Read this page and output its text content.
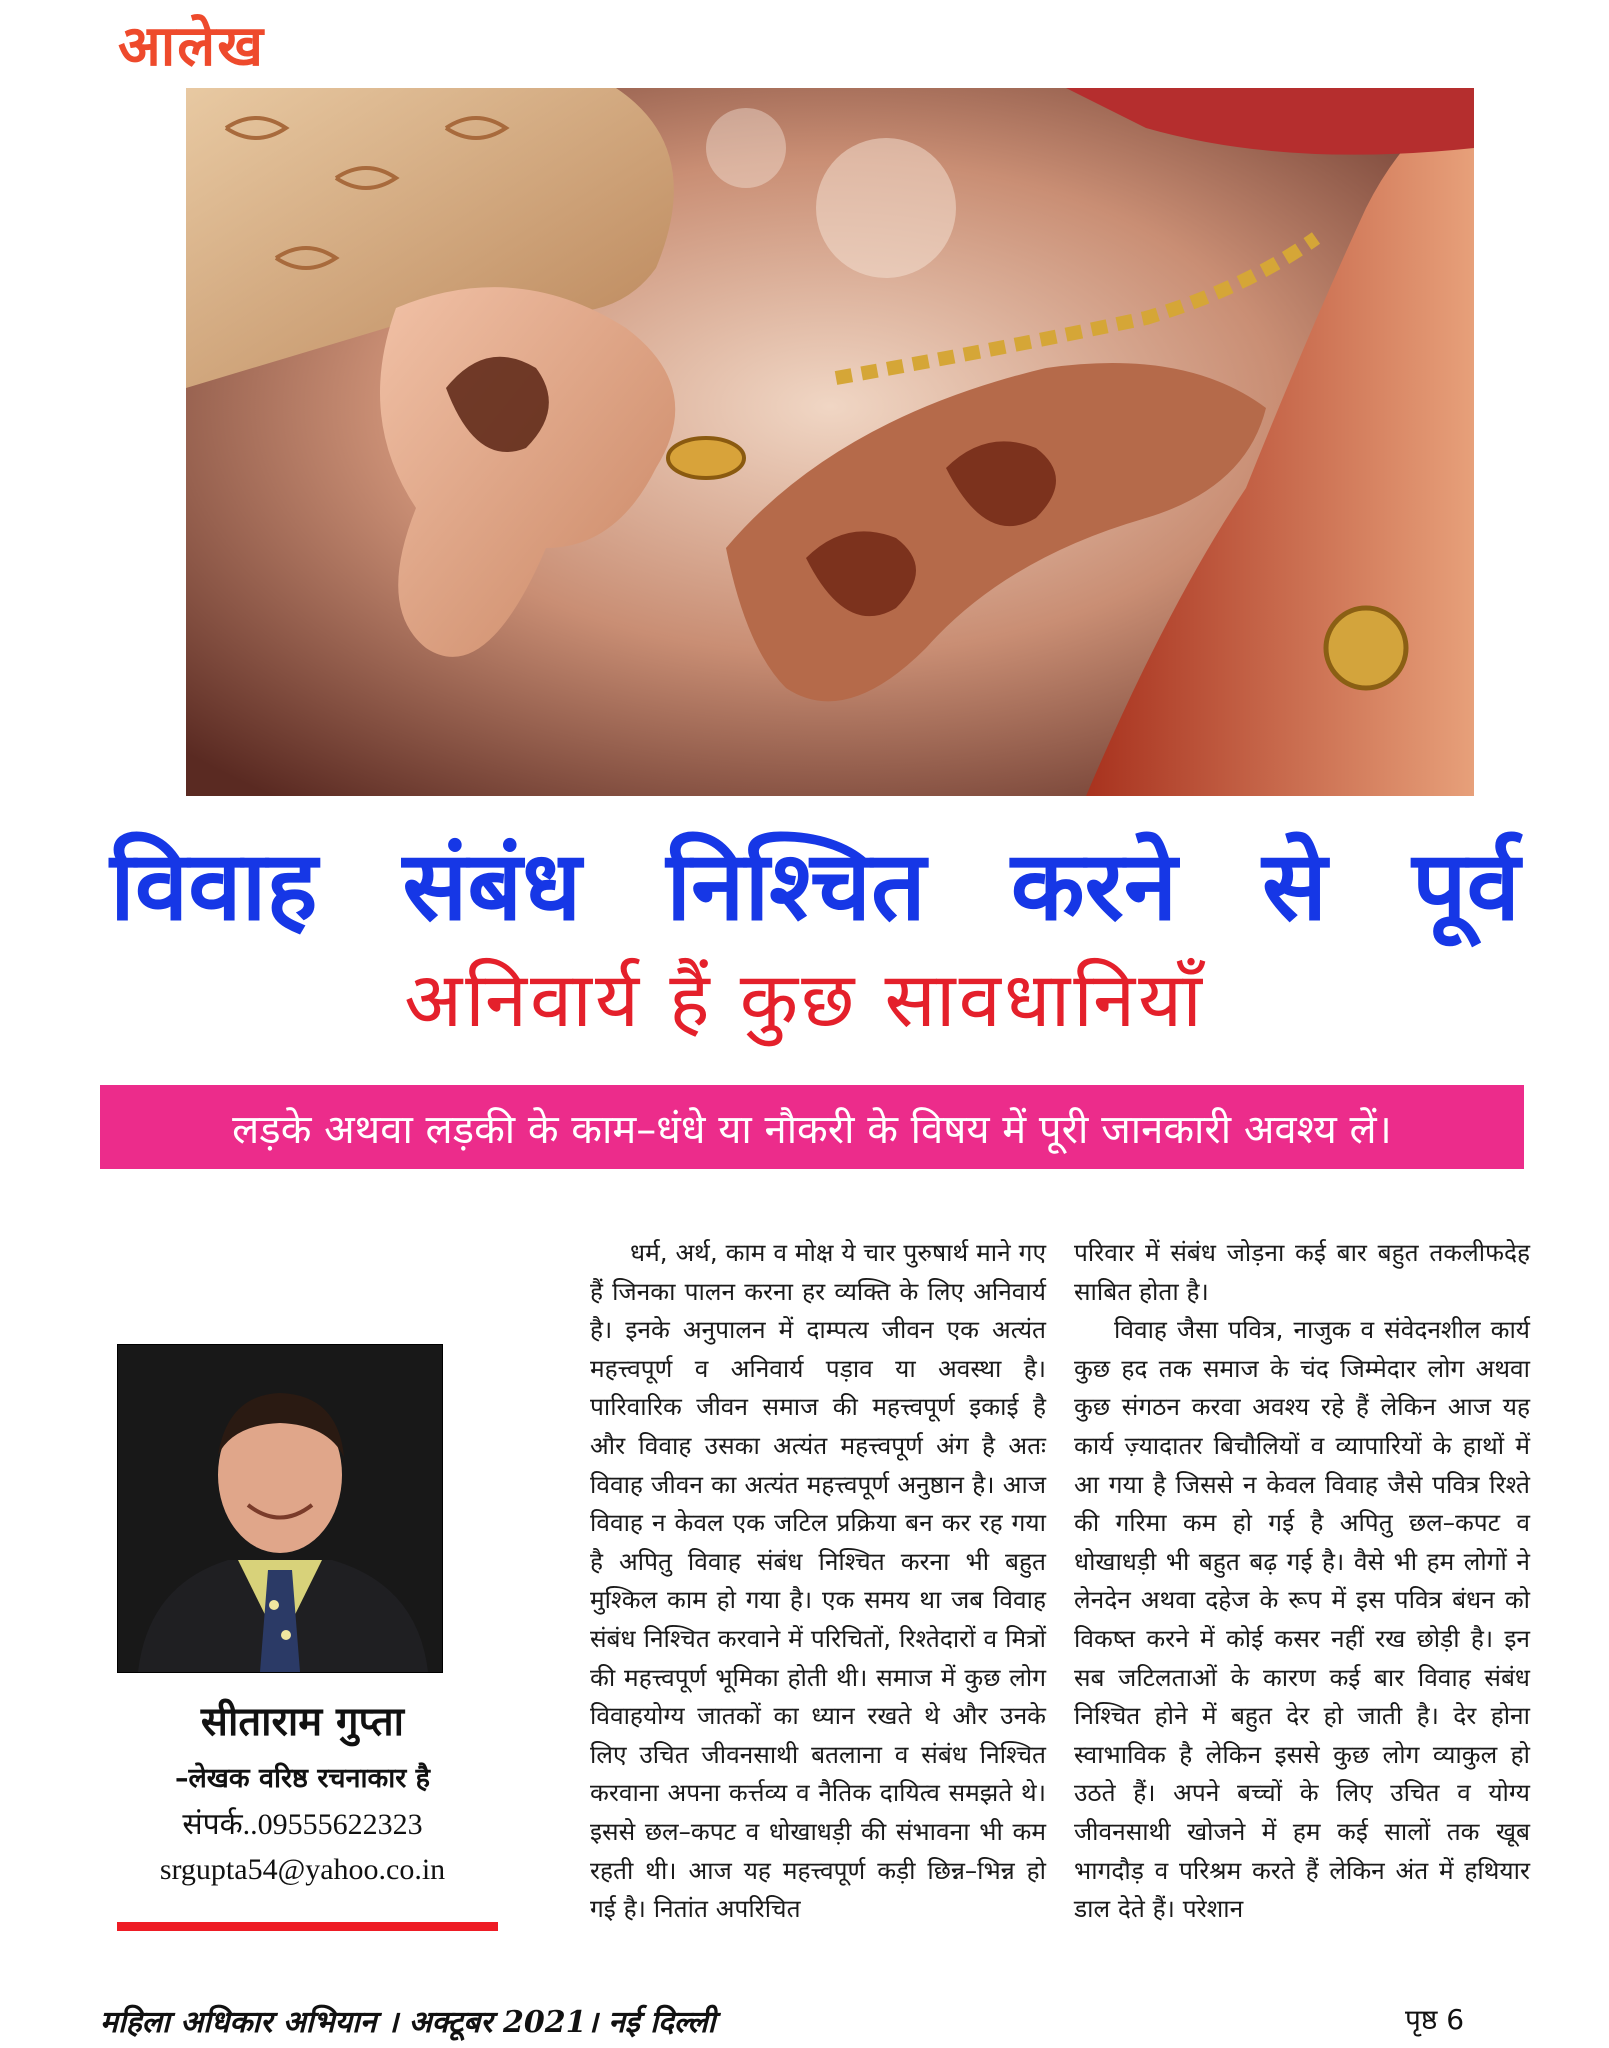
आलेख
विवाह संबंध निश्चित करने से पूर्व
अनिवार्य हैं कुछ सावधानियाँ
लड़के अथवा लड़की के काम–धंधे या नौकरी के विषय में पूरी जानकारी अवश्य लें।
सीताराम गुप्ता
–लेखक वरिष्ठ रचनाकार है
संपर्क..09555622323
srgupta54@yahoo.co.in

धर्म, अर्थ, काम व मोक्ष ये चार पुरुषार्थ माने गए हैं जिनका पालन करना हर व्यक्ति के लिए अनिवार्य है। इनके अनुपालन में दाम्पत्य जीवन एक अत्यंत महत्त्वपूर्ण व अनिवार्य पड़ाव या अवस्था है। पारिवारिक जीवन समाज की महत्त्वपूर्ण इकाई है और विवाह उसका अत्यंत महत्त्वपूर्ण अंग है अतः विवाह जीवन का अत्यंत महत्त्वपूर्ण अनुष्ठान है। आज विवाह न केवल एक जटिल प्रक्रिया बन कर रह गया है अपितु विवाह संबंध निश्चित करना भी बहुत मुश्किल काम हो गया है। एक समय था जब विवाह संबंध निश्चित करवाने में परिचितों, रिश्तेदारों व मित्रों की महत्त्वपूर्ण भूमिका होती थी। समाज में कुछ लोग विवाहयोग्य जातकों का ध्यान रखते थे और उनके लिए उचित जीवनसाथी बतलाना व संबंध निश्चित करवाना अपना कर्त्तव्य व नैतिक दायित्व समझते थे। इससे छल–कपट व धोखाधड़ी की संभावना भी कम रहती थी। आज यह महत्त्वपूर्ण कड़ी छिन्न–भिन्न हो गई है। नितांत अपरिचित

परिवार में संबंध जोड़ना कई बार बहुत तकलीफदेह साबित होता है।

विवाह जैसा पवित्र, नाजुक व संवेदनशील कार्य कुछ हद तक समाज के चंद जिम्मेदार लोग अथवा कुछ संगठन करवा अवश्य रहे हैं लेकिन आज यह कार्य ज़्यादातर बिचौलियों व व्यापारियों के हाथों में आ गया है जिससे न केवल विवाह जैसे पवित्र रिश्ते की गरिमा कम हो गई है अपितु छल–कपट व धोखाधड़ी भी बहुत बढ़ गई है। वैसे भी हम लोगों ने लेनदेन अथवा दहेज के रूप में इस पवित्र बंधन को विकष्त करने में कोई कसर नहीं रख छोड़ी है। इन सब जटिलताओं के कारण कई बार विवाह संबंध निश्चित होने में बहुत देर हो जाती है। देर होना स्वाभाविक है लेकिन इससे कुछ लोग व्याकुल हो उठते हैं। अपने बच्चों के लिए उचित व योग्य जीवनसाथी खोजने में हम कई सालों तक खूब भागदौड़ व परिश्रम करते हैं लेकिन अंत में हथियार डाल देते हैं। परेशान

महिला अधिकार अभियान । अक्टूबर 2021। नई दिल्ली	पृष्ठ 6
